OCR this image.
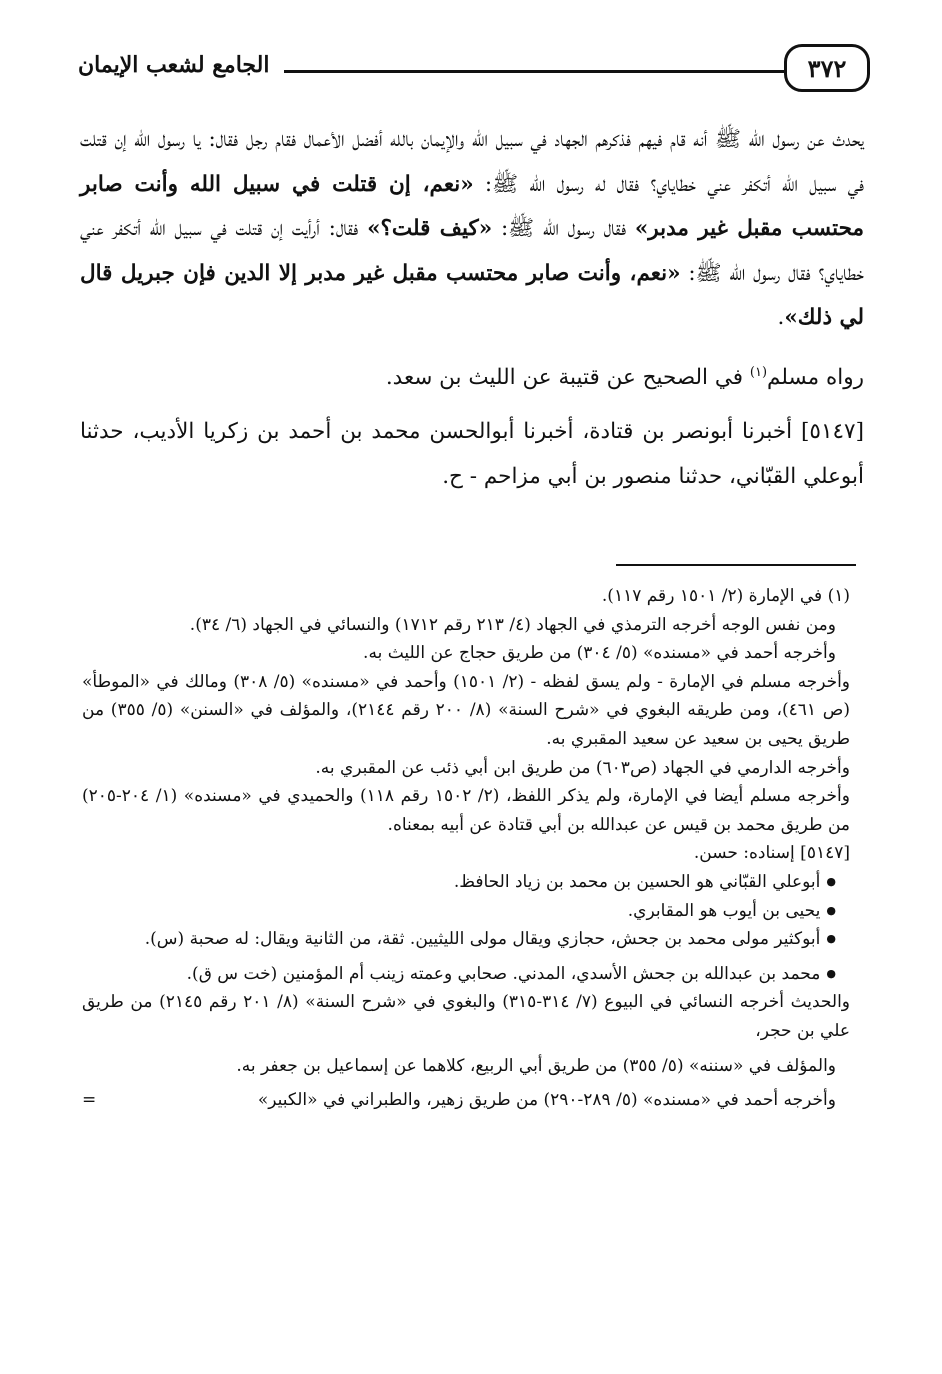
٣٧٢
الجامع لشعب الإيمان

يحدث عن رسول الله ﷺ أنه قام فيهم فذكرهم الجهاد في سبيل الله والإيمان بالله أفضل الأعمال فقام رجل فقال: يا رسول الله إن قتلت في سبيل الله أتكفر عني خطاياي؟ فقال له رسول الله ﷺ: «نعم، إن قتلت في سبيل الله وأنت صابر محتسب مقبل غير مدبر» فقال رسول الله ﷺ: «كيف قلت؟» فقال: أرأيت إن قتلت في سبيل الله أتكفر عني خطاياي؟ فقال رسول الله ﷺ: «نعم، وأنت صابر محتسب مقبل غير مدبر إلا الدين فإن جبريل قال لي ذلك».

رواه مسلم$^{(١)}$ في الصحيح عن قتيبة عن الليث بن سعد.

[٥١٤٧] أخبرنا أبونصر بن قتادة، أخبرنا أبوالحسن محمد بن أحمد بن زكريا الأديب، حدثنا أبوعلي القبّاني، حدثنا منصور بن أبي مزاحم - ح.

(١) في الإمارة (٢/ ١٥٠١ رقم ١١٧).

ومن نفس الوجه أخرجه الترمذي في الجهاد (٤/ ٢١٣ رقم ١٧١٢) والنسائي في الجهاد (٦/ ٣٤).

وأخرجه أحمد في «مسنده» (٥/ ٣٠٤) من طريق حجاج عن الليث به.

وأخرجه مسلم في الإمارة - ولم يسق لفظه - (٢/ ١٥٠١) وأحمد في «مسنده» (٥/ ٣٠٨) ومالك في «الموطأ» (ص ٤٦١)، ومن طريقه البغوي في «شرح السنة» (٨/ ٢٠٠ رقم ٢١٤٤)، والمؤلف في «السنن» (٥/ ٣٥٥) من طريق يحيى بن سعيد عن سعيد المقبري به.

وأخرجه الدارمي في الجهاد (ص٦٠٣) من طريق ابن أبي ذئب عن المقبري به.

وأخرجه مسلم أيضا في الإمارة، ولم يذكر اللفظ، (٢/ ١٥٠٢ رقم ١١٨) والحميدي في «مسنده» (١/ ٢٠٤-٢٠٥) من طريق محمد بن قيس عن عبدالله بن أبي قتادة عن أبيه بمعناه.

[٥١٤٧] إسناده: حسن.

● أبوعلي القبّاني هو الحسين بن محمد بن زياد الحافظ.

● يحيى بن أيوب هو المقابري.

● أبوكثير مولى محمد بن جحش، حجازي ويقال مولى الليثيين. ثقة، من الثانية ويقال: له صحبة (س).

● محمد بن عبدالله بن جحش الأسدي، المدني. صحابي وعمته زينب أم المؤمنين (خت س ق).

والحديث أخرجه النسائي في البيوع (٧/ ٣١٤-٣١٥) والبغوي في «شرح السنة» (٨/ ٢٠١ رقم ٢١٤٥) من طريق علي بن حجر،

والمؤلف في «سننه» (٥/ ٣٥٥) من طريق أبي الربيع، كلاهما عن إسماعيل بن جعفر به.

وأخرجه أحمد في «مسنده» (٥/ ٢٨٩-٢٩٠) من طريق زهير، والطبراني في «الكبير»
=
